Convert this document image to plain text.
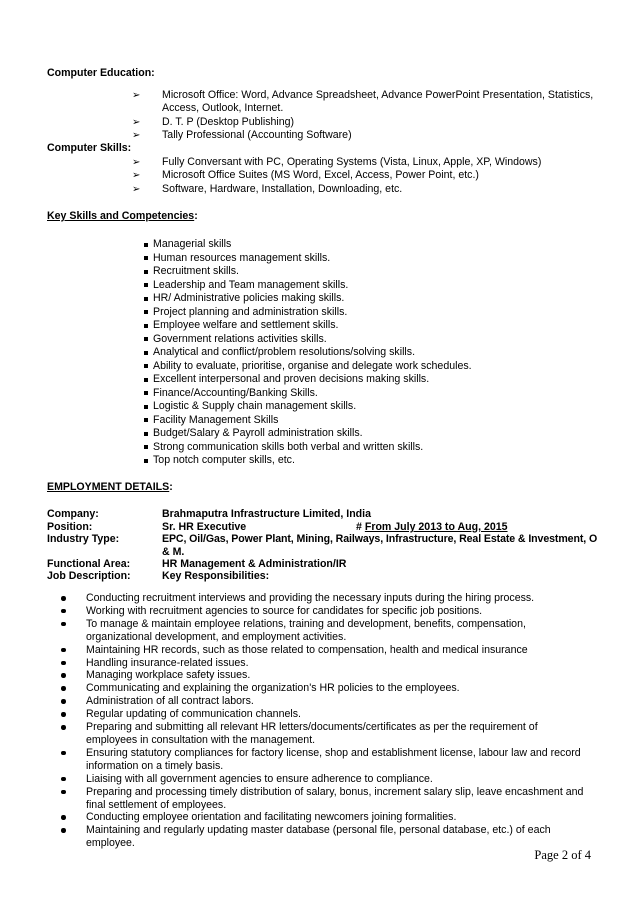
Computer Education:
➢ Microsoft Office: Word, Advance Spreadsheet, Advance PowerPoint Presentation, Statistics, Access, Outlook, Internet.
➢ D. T. P (Desktop Publishing)
➢ Tally Professional (Accounting Software)
Computer Skills:
➢ Fully Conversant with PC, Operating Systems (Vista, Linux, Apple, XP, Windows)
➢ Microsoft Office Suites (MS Word, Excel, Access, Power Point, etc.)
➢ Software, Hardware, Installation, Downloading, etc.
Key Skills and Competencies:
Managerial skills
Human resources management skills.
Recruitment skills.
Leadership and Team management skills.
HR/ Administrative policies making skills.
Project planning and administration skills.
Employee welfare and settlement skills.
Government relations activities skills.
Analytical and conflict/problem resolutions/solving skills.
Ability to evaluate, prioritise, organise and delegate work schedules.
Excellent interpersonal and proven decisions making skills.
Finance/Accounting/Banking Skills.
Logistic & Supply chain management skills.
Facility Management Skills
Budget/Salary & Payroll administration skills.
Strong communication skills both verbal and written skills.
Top notch computer skills, etc.
EMPLOYMENT DETAILS:
Company:	Brahmaputra Infrastructure Limited, India
Position:	Sr. HR Executive	# From July 2013 to Aug, 2015
Industry Type:	EPC, Oil/Gas, Power Plant, Mining, Railways, Infrastructure, Real Estate & Investment, O
& M.
Functional Area:	HR Management & Administration/IR
Job Description:	Key Responsibilities:
Conducting recruitment interviews and providing the necessary inputs during the hiring process.
Working with recruitment agencies to source for candidates for specific job positions.
To manage & maintain employee relations, training and development, benefits, compensation, organizational development, and employment activities.
Maintaining HR records, such as those related to compensation, health and medical insurance
Handling insurance-related issues.
Managing workplace safety issues.
Communicating and explaining the organization's HR policies to the employees.
Administration of all contract labors.
Regular updating of communication channels.
Preparing and submitting all relevant HR letters/documents/certificates as per the requirement of employees in consultation with the management.
Ensuring statutory compliances for factory license, shop and establishment license, labour law and record information on a timely basis.
Liaising with all government agencies to ensure adherence to compliance.
Preparing and processing timely distribution of salary, bonus, increment salary slip, leave encashment and final settlement of employees.
Conducting employee orientation and facilitating newcomers joining formalities.
Maintaining and regularly updating master database (personal file, personal database, etc.) of each employee.
Page 2 of 4
